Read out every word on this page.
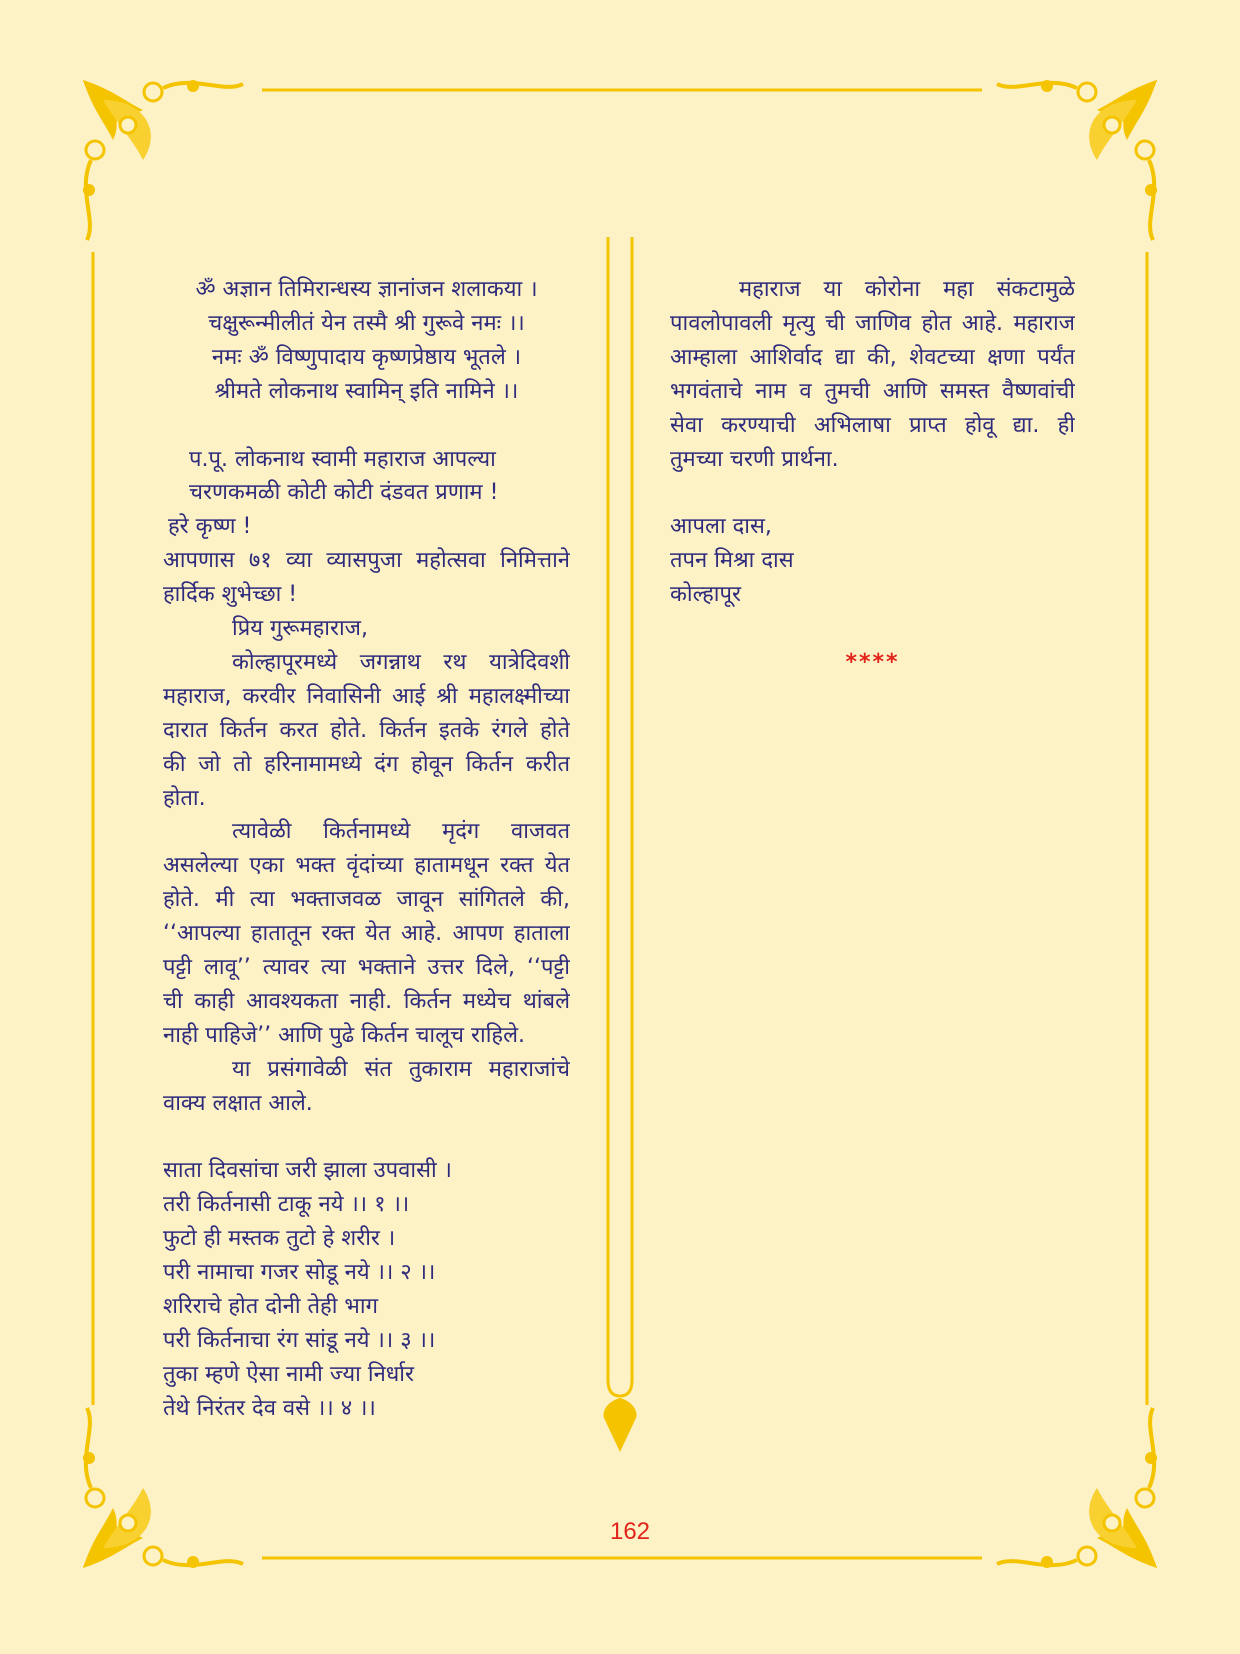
ॐ अज्ञान तिमिरान्धस्य ज्ञानांजन शलाकया ।
चक्षुरून्मीलीतं येन तस्मै श्री गुरूवे नमः ।।
नमः ॐ विष्णुपादाय कृष्णप्रेष्ठाय भूतले ।
श्रीमते लोकनाथ स्वामिन् इति नामिने ।।
प.पू. लोकनाथ स्वामी महाराज आपल्या
चरणकमळी कोटी कोटी दंडवत प्रणाम !
हरे कृष्ण !
आपणास ७१ व्या व्यासपुजा महोत्सवा निमित्ताने
हार्दिक शुभेच्छा !
प्रिय गुरूमहाराज,
कोल्हापूरमध्ये जगन्नाथ रथ यात्रेदिवशी
महाराज, करवीर निवासिनी आई श्री महालक्ष्मीच्या
दारात किर्तन करत होते. किर्तन इतके रंगले होते
की जो तो हरिनामामध्ये दंग होवून किर्तन करीत
होता.
त्यावेळी किर्तनामध्ये मृदंग वाजवत
असलेल्या एका भक्त वृंदांच्या हातामधून रक्त येत
होते. मी त्या भक्ताजवळ जावून सांगितले की,
‘‘आपल्या हातातून रक्त येत आहे. आपण हाताला
पट्टी लावू’’ त्यावर त्या भक्ताने उत्तर दिले, ‘‘पट्टी
ची काही आवश्यकता नाही. किर्तन मध्येच थांबले
नाही पाहिजे’’ आणि पुढे किर्तन चालूच राहिले.
या प्रसंगावेळी संत तुकाराम महाराजांचे
वाक्य लक्षात आले.
साता दिवसांचा जरी झाला उपवासी ।
तरी किर्तनासी टाकू नये ।। १ ।।
फुटो ही मस्तक तुटो हे शरीर ।
परी नामाचा गजर सोडू नये ।। २ ।।
शरिराचे होत दोनी तेही भाग
परी किर्तनाचा रंग सांडू नये ।। ३ ।।
तुका म्हणे ऐसा नामी ज्या निर्धार
तेथे निरंतर देव वसे ।। ४ ।।
महाराज या कोरोना महा संकटामुळे
पावलोपावली मृत्यु ची जाणिव होत आहे. महाराज
आम्हाला आशिर्वाद द्या की, शेवटच्या क्षणा पर्यंत
भगवंताचे नाम व तुमची आणि समस्त वैष्णवांची
सेवा करण्याची अभिलाषा प्राप्त होवू द्या. ही
तुमच्या चरणी प्रार्थना.
आपला दास,
तपन मिश्रा दास
कोल्हापूर
****
162
